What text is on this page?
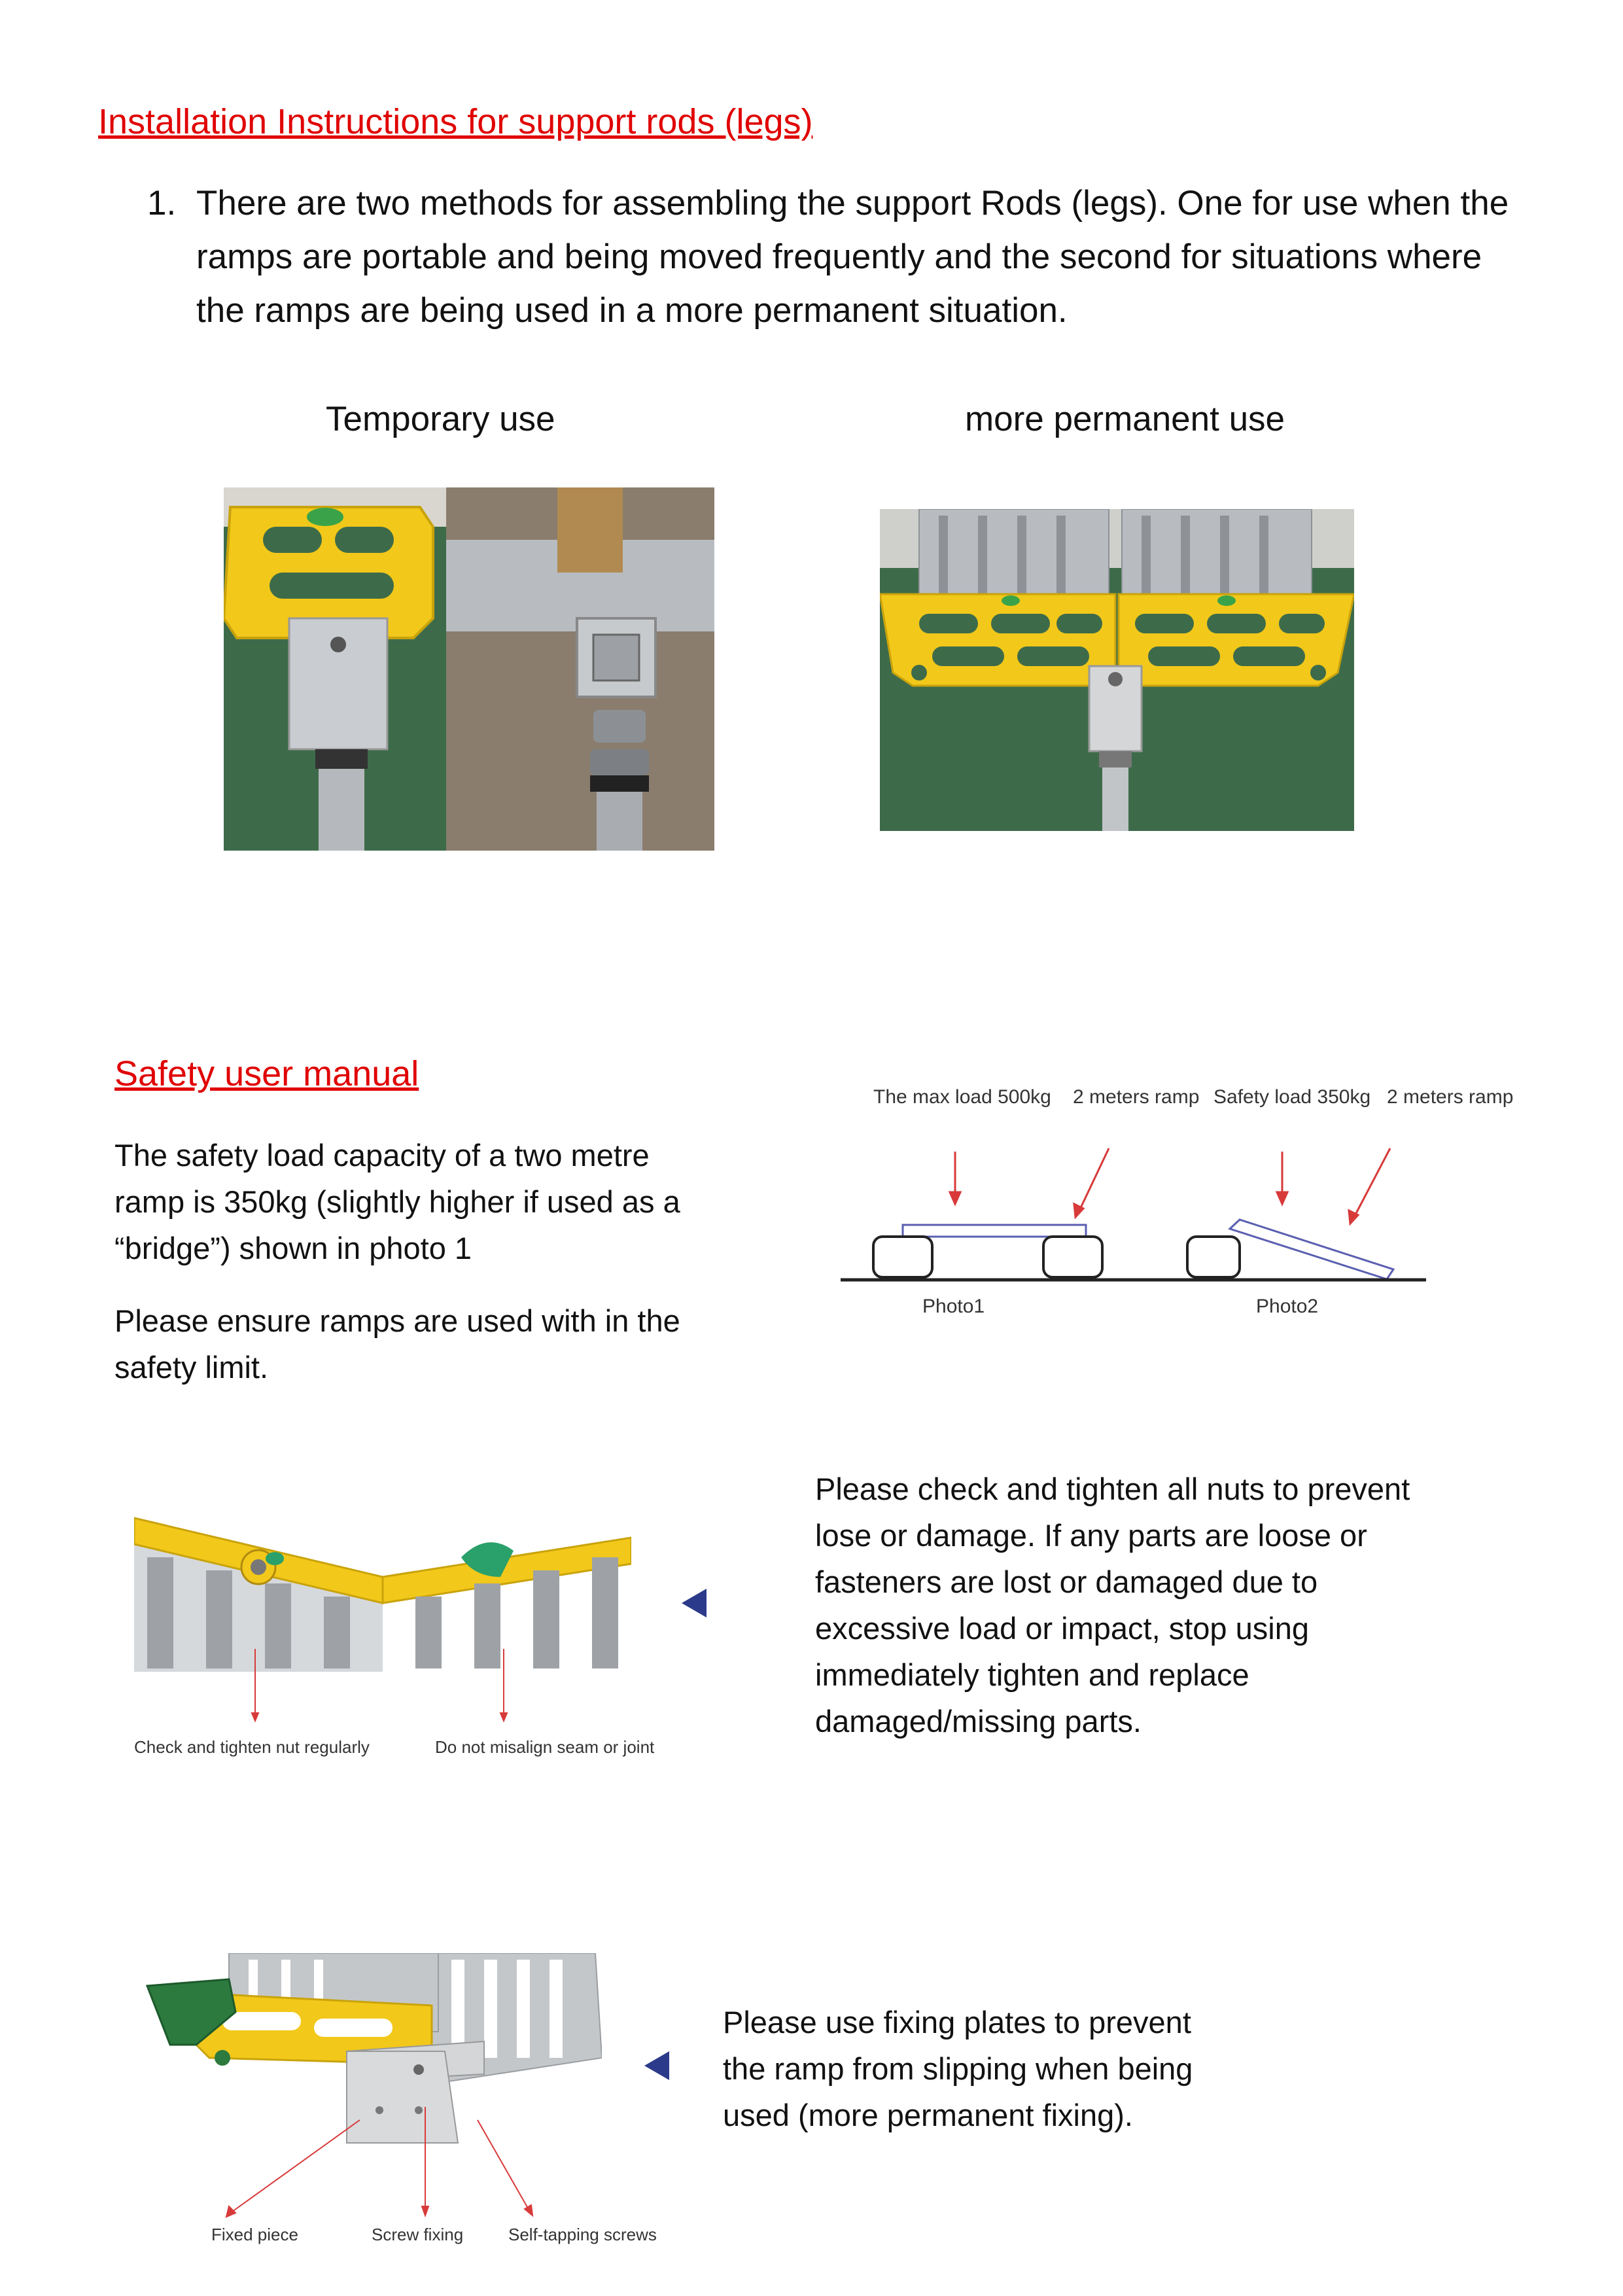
Installation Instructions for support rods (legs)
1. There are two methods for assembling the support Rods (legs). One for use when the ramps are portable and being moved frequently and the second for situations where the ramps are being used in a more permanent situation.
Temporary use	more permanent use
Safety user manual
The safety load capacity of a two metre ramp is 350kg (slightly higher if used as a “bridge”) shown in photo 1
Please ensure ramps are used with in the safety limit.
The max load 500kg 2 meters ramp Safety load 350kg 2 meters ramp
Photo1	Photo2
Check and tighten nut regularly	Do not misalign seam or joint
Please check and tighten all nuts to prevent lose or damage. If any parts are loose or fasteners are lost or damaged due to excessive load or impact, stop using immediately tighten and replace damaged/missing parts.
Fixed piece	Screw fixing	Self-tapping screws
Please use fixing plates to prevent the ramp from slipping when being used (more permanent fixing).
